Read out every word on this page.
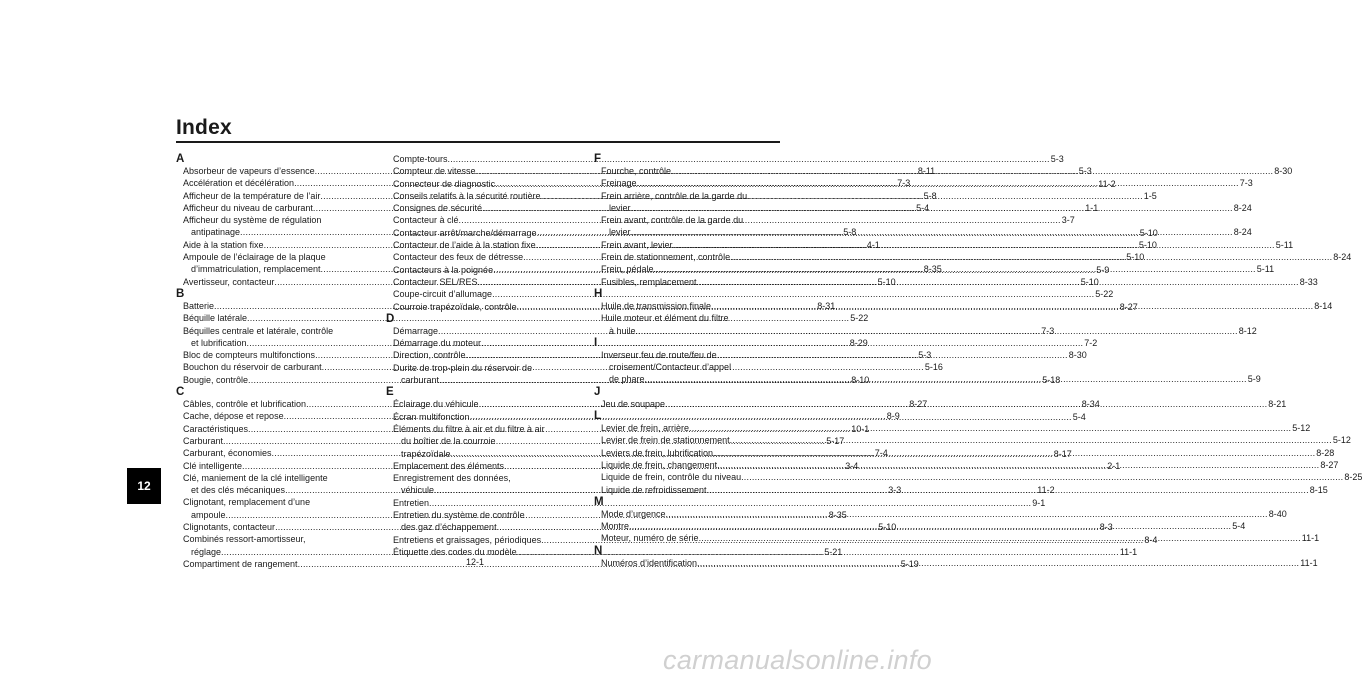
Index
12
A
Absorbeur de vapeurs d’essence .....	8-11
Accélération et décélération .....	7-3
Afficheur de la température de l’air .....	5-8
Afficheur du niveau de carburant .....	5-4
Afficheur du système de régulation
antipatinage .....	5-8
Aide à la station fixe .....	4-1
Ampoule de l’éclairage de la plaque
d’immatriculation, remplacement .....	8-35
Avertisseur, contacteur .....	5-10
B
Batterie .....	8-31
Béquille latérale .....	5-22
Béquilles centrale et latérale, contrôle
et lubrification .....	8-29
Bloc de compteurs multifonctions .....	5-3
Bouchon du réservoir de carburant .....	5-16
Bougie, contrôle .....	8-10
C
Câbles, contrôle et lubrification .....	8-27
Cache, dépose et repose .....	8-9
Caractéristiques .....	10-1
Carburant .....	5-17
Carburant, économies .....	7-4
Clé intelligente .....	3-4
Clé, maniement de la clé intelligente
et des clés mécaniques .....	3-3
Clignotant, remplacement d’une
ampoule .....	8-35
Clignotants, contacteur .....	5-10
Combinés ressort-amortisseur,
réglage .....	5-21
Compartiment de rangement .....	5-19
Compte-tours .....	5-3
Compteur de vitesse .....	5-3
Connecteur de diagnostic .....	11-2
Conseils relatifs à la sécurité routière .....	1-5
Consignes de sécurité .....	1-1
Contacteur à clé .....	3-7
Contacteur arrêt/marche/démarrage .....	5-10
Contacteur de l’aide à la station fixe .....	5-10
Contacteur des feux de détresse .....	5-10
Contacteurs à la poignée .....	5-9
Contacteur SEL/RES .....	5-10
Coupe-circuit d’allumage .....	5-22
Courroie trapézoïdale, contrôle .....	8-27
D
Démarrage .....	7-3
Démarrage du moteur .....	7-2
Direction, contrôle .....	8-30
Durite de trop-plein du réservoir de
carburant .....	5-18
E
Éclairage du véhicule .....	8-34
Écran multifonction .....	5-4
Éléments du filtre à air et du filtre à air
du boîtier de la courroie
trapézoïdale .....	8-17
Emplacement des éléments .....	2-1
Enregistrement des données,
véhicule .....	11-2
Entretien .....	9-1
Entretien du système de contrôle
des gaz d’échappement .....	8-3
Entretiens et graissages, périodiques .....	8-4
Étiquette des codes du modèle .....	11-1
F
Fourche, contrôle .....	8-30
Freinage .....	7-3
Frein arrière, contrôle de la garde du
levier .....	8-24
Frein avant, contrôle de la garde du
levier .....	8-24
Frein avant, levier .....	5-11
Frein de stationnement, contrôle .....	8-24
Frein, pédale .....	5-11
Fusibles, remplacement .....	8-33
H
Huile de transmission finale .....	8-14
Huile moteur et élément du filtre
à huile .....	8-12
I
Inverseur feu de route/feu de
croisement/Contacteur d’appel
de phare .....	5-9
J
Jeu de soupape .....	8-21
L
Levier de frein, arrière .....	5-12
Levier de frein de stationnement .....	5-12
Leviers de frein, lubrification .....	8-28
Liquide de frein, changement .....	8-27
Liquide de frein, contrôle du niveau .....	8-25
Liquide de refroidissement .....	8-15
M
Mode d’urgence .....	8-40
Montre .....	5-4
Moteur, numéro de série .....	11-1
N
Numéros d’identification .....	11-1
12-1
carmanualsonline.info
